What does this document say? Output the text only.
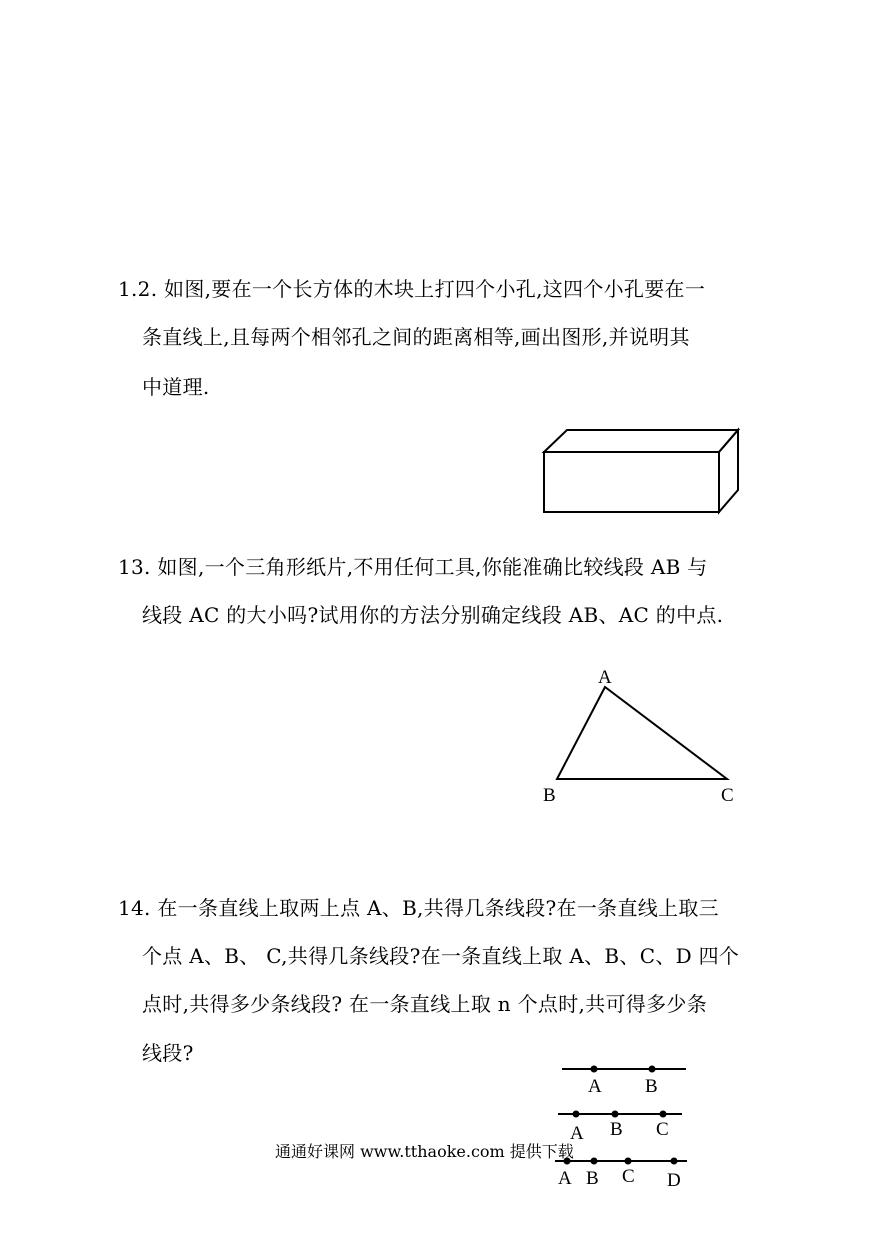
1.2. 如图,要在一个长方体的木块上打四个小孔,这四个小孔要在一
条直线上,且每两个相邻孔之间的距离相等,画出图形,并说明其
中道理.
A
B	C
A B
A B C
A B C D
13. 如图,一个三角形纸片,不用任何工具,你能准确比较线段 AB 与
线段 AC 的大小吗?试用你的方法分别确定线段 AB、AC 的中点.
14. 在一条直线上取两上点 A、B,共得几条线段?在一条直线上取三
个点 A、B、 C,共得几条线段?在一条直线上取 A、B、C、D 四个
点时,共得多少条线段? 在一条直线上取 n 个点时,共可得多少条
线段?
通通好课网 www.tthaoke.com 提供下载
